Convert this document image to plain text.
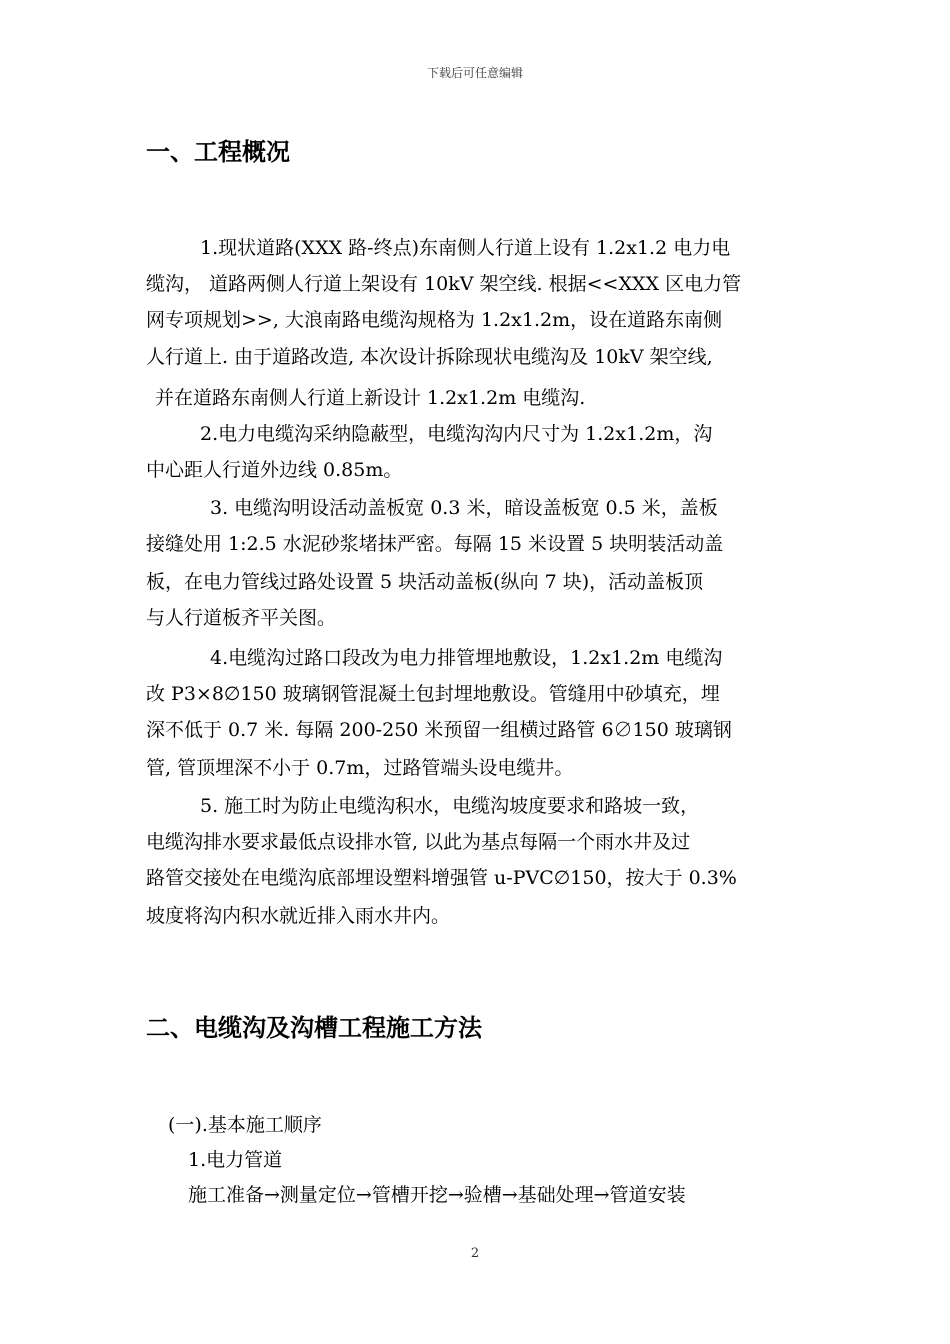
下载后可任意编辑
一、工程概况
1.现状道路(XXX 路-终点)东南侧人行道上设有 1.2x1.2 电力电
缆沟， 道路两侧人行道上架设有 10kV 架空线. 根据<<XXX 区电力管
网专项规划>>, 大浪南路电缆沟规格为 1.2x1.2m，设在道路东南侧
人行道上. 由于道路改造, 本次设计拆除现状电缆沟及 10kV 架空线,
并在道路东南侧人行道上新设计 1.2x1.2m 电缆沟.
2.电力电缆沟采纳隐蔽型，电缆沟沟内尺寸为 1.2x1.2m，沟
中心距人行道外边线 0.85m。
3. 电缆沟明设活动盖板宽 0.3 米，暗设盖板宽 0.5 米，盖板
接缝处用 1:2.5 水泥砂浆堵抹严密。每隔 15 米设置 5 块明装活动盖
板，在电力管线过路处设置 5 块活动盖板(纵向 7 块)，活动盖板顶
与人行道板齐平关图。
4.电缆沟过路口段改为电力排管埋地敷设，1.2x1.2m 电缆沟
改 P3×8∅150 玻璃钢管混凝土包封埋地敷设。管缝用中砂填充，埋
深不低于 0.7 米. 每隔 200-250 米预留一组横过路管 6∅150 玻璃钢
管, 管顶埋深不小于 0.7m，过路管端头设电缆井。
5. 施工时为防止电缆沟积水，电缆沟坡度要求和路坡一致，
电缆沟排水要求最低点设排水管, 以此为基点每隔一个雨水井及过
路管交接处在电缆沟底部埋设塑料增强管 u-PVC∅150，按大于 0.3%
坡度将沟内积水就近排入雨水井内。
二、电缆沟及沟槽工程施工方法
(一).基本施工顺序
1.电力管道
施工准备→测量定位→管槽开挖→验槽→基础处理→管道安装
2
